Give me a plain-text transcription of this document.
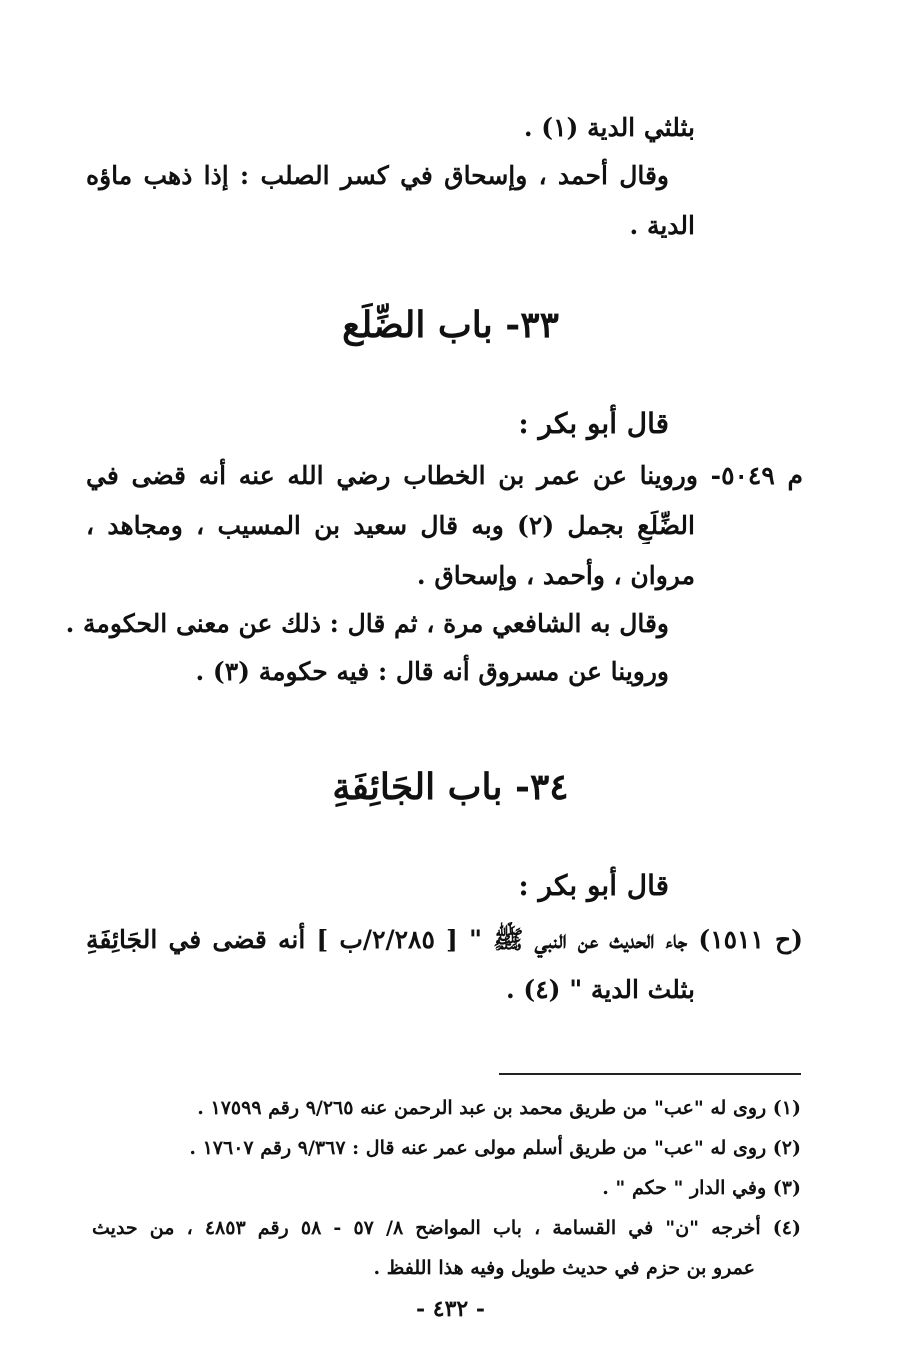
بثلثي الدية (١) .
وقال أحمد ، وإسحاق في كسر الصلب : إذا ذهب ماؤه
الدية .
٣٣- باب الضِّلَع
قال أبو بكر :
م ٥٠٤٩- وروينا عن عمر بن الخطاب رضي الله عنه أنه قضى في
الضِّلَعِ بجمل (٢) وبه قال سعيد بن المسيب ، ومجاهد ،
مروان ، وأحمد ، وإسحاق .
وقال به الشافعي مرة ، ثم قال : ذلك عن معنى الحكومة .
وروينا عن مسروق أنه قال : فيه حكومة (٣) .
٣٤- باب الجَائِفَةِ
قال أبو بكر :
(ح ١٥١١) جاء الحديث عن النبي ﷺ " [ ٢/٢٨٥/ب ] أنه قضى في الجَائِفَةِ
بثلث الدية " (٤) .
(١) روى له "عب" من طريق محمد بن عبد الرحمن عنه ٩/٢٦٥ رقم ١٧٥٩٩ .
(٢) روى له "عب" من طريق أسلم مولى عمر عنه قال : ٩/٣٦٧ رقم ١٧٦٠٧ .
(٣) وفي الدار " حكم " .
(٤) أخرجه "ن" في القسامة ، باب المواضح ٨/ ٥٧ - ٥٨ رقم ٤٨٥٣ ، من حديث
عمرو بن حزم في حديث طويل وفيه هذا اللفظ .
- ٤٣٢ -
